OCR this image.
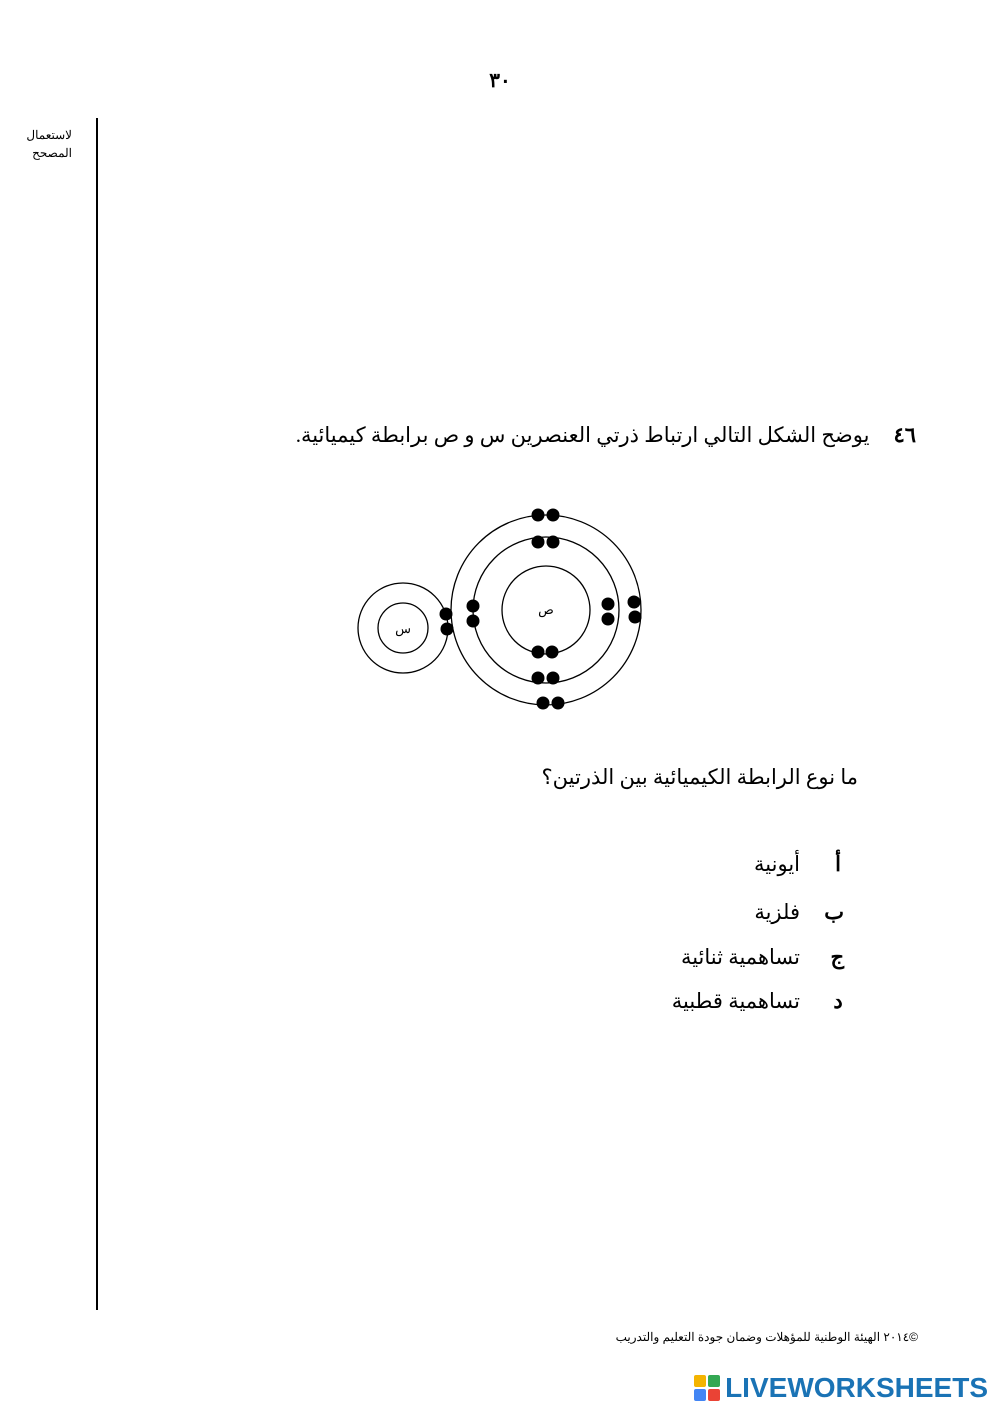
٣٠
لاستعمال
المصحح
٤٦
يوضح الشكل التالي ارتباط ذرتي العنصرين س و ص برابطة كيميائية.
س
ص
ما نوع الرابطة الكيميائية بين الذرتين؟
أ
أيونية
ب
فلزية
ج
تساهمية ثنائية
د
تساهمية قطبية
©٢٠١٤ الهيئة الوطنية للمؤهلات وضمان جودة التعليم والتدريب
LIVEWORKSHEETS
